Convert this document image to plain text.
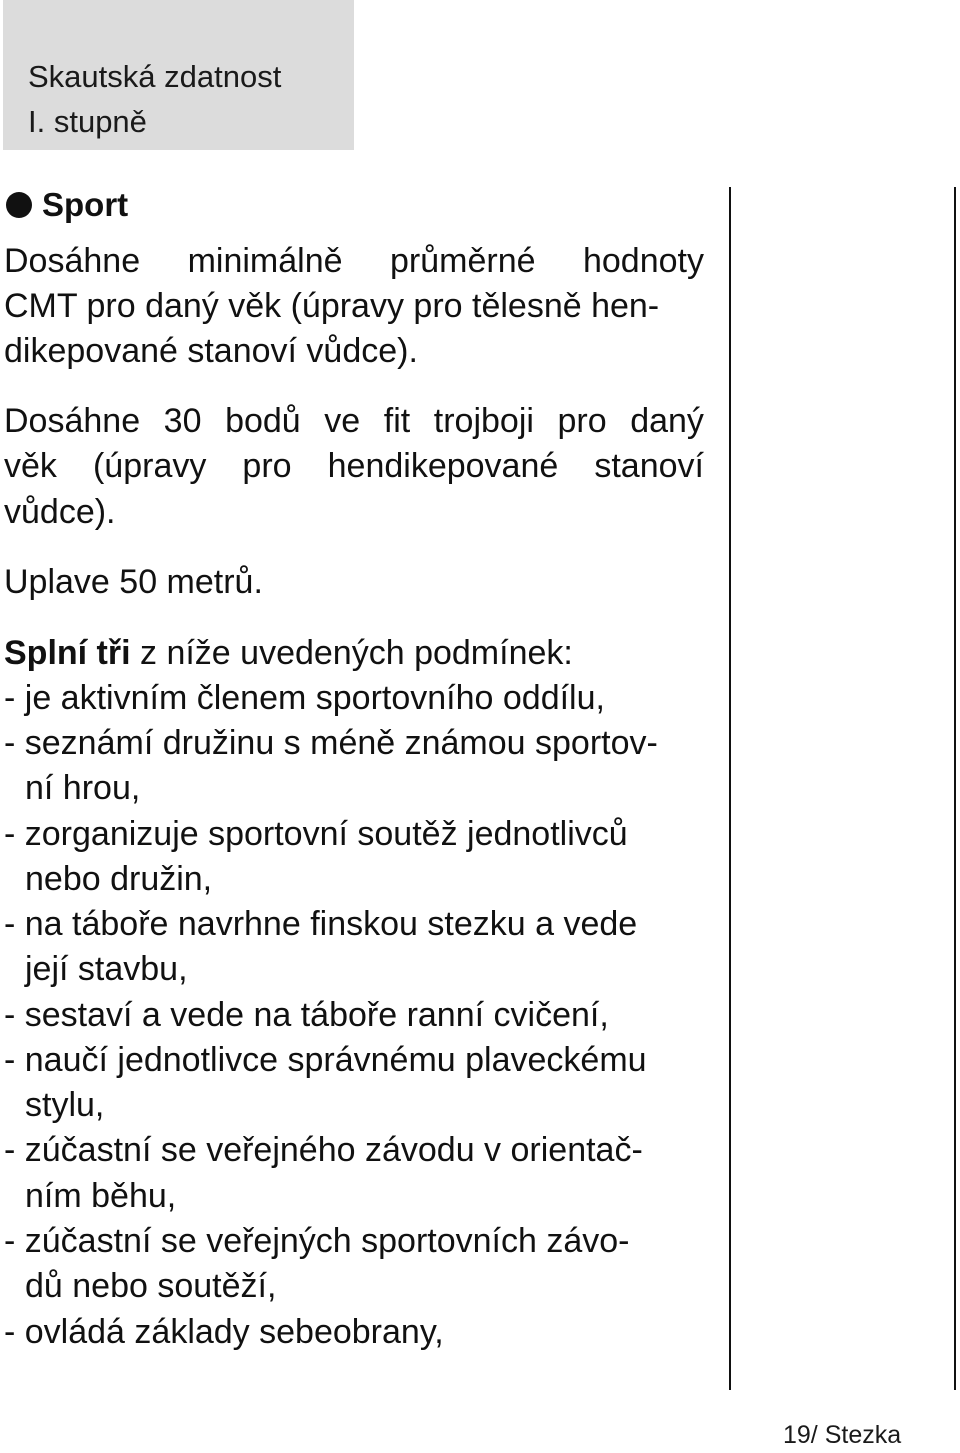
Skautská zdatnost
I. stupně
Sport
Dosáhne minimálně průměrné hodnoty
CMT pro daný věk (úpravy pro tělesně hen-
dikepované stanoví vůdce).
Dosáhne 30 bodů ve fit trojboji pro daný
věk (úpravy pro hendikepované stanoví
vůdce).
Uplave 50 metrů.
Splní tři z níže uvedených podmínek:
- je aktivním členem sportovního oddílu,
- seznámí družinu s méně známou sportov-
ní hrou,
- zorganizuje sportovní soutěž jednotlivců
nebo družin,
- na táboře navrhne finskou stezku a vede
její stavbu,
- sestaví a vede na táboře ranní cvičení,
- naučí jednotlivce správnému plaveckému
stylu,
- zúčastní se veřejného závodu v orientač-
ním běhu,
- zúčastní se veřejných sportovních závo-
dů nebo soutěží,
- ovládá základy sebeobrany,
19/ Stezka
